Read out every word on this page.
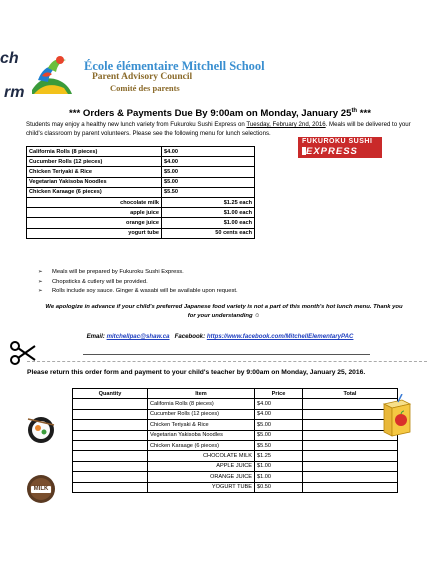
ch
rm
École élémentaire Mitchell School
Parent Advisory Council
Comité des parents
*** Orders & Payments Due By 9:00am on Monday, January 25th ***
Students may enjoy a healthy new lunch variety from Fukuroku Sushi Express on Tuesday, February 2nd, 2016. Meals will be delivered to your child's classroom by parent volunteers. Please see the following menu for lunch selections.
California Rolls (8 pieces)	$4.00
Cucumber Rolls (12 pieces)	$4.00
Chicken Teriyaki & Rice	$5.00
Vegetarian Yakisoba Noodles	$5.00
Chicken Karaage (6 pieces)	$5.50
chocolate milk	$1.25 each
apple juice	$1.00 each
orange juice	$1.00 each
yogurt tube	50 cents each
FUKUROKU SUSHI
EXPRESS
➢ Meals will be prepared by Fukuroku Sushi Express.
➢ Chopsticks & cutlery will be provided.
➢ Rolls include soy sauce. Ginger & wasabi will be available upon request.
We apologize in advance if your child's preferred Japanese food variety is not a part of this month's hot lunch menu. Thank you
for your understanding ☺
Email: mitchellpac@shaw.ca Facebook: https://www.facebook.com/MitchellElementaryPAC
Please return this order form and payment to your child's teacher by 9:00am on Monday, January 25, 2016.
Quantity	Item	Price	Total
	California Rolls (8 pieces)	$4.00	
	Cucumber Rolls (12 pieces)	$4.00	
	Chicken Teriyaki & Rice	$5.00	
	Vegetarian Yakisoba Noodles	$5.00	
	Chicken Karaage (6 pieces)	$5.50	
	CHOCOLATE MILK	$1.25	
	APPLE JUICE	$1.00	
	ORANGE JUICE	$1.00	
	YOGURT TUBE	$0.50	
MILK
